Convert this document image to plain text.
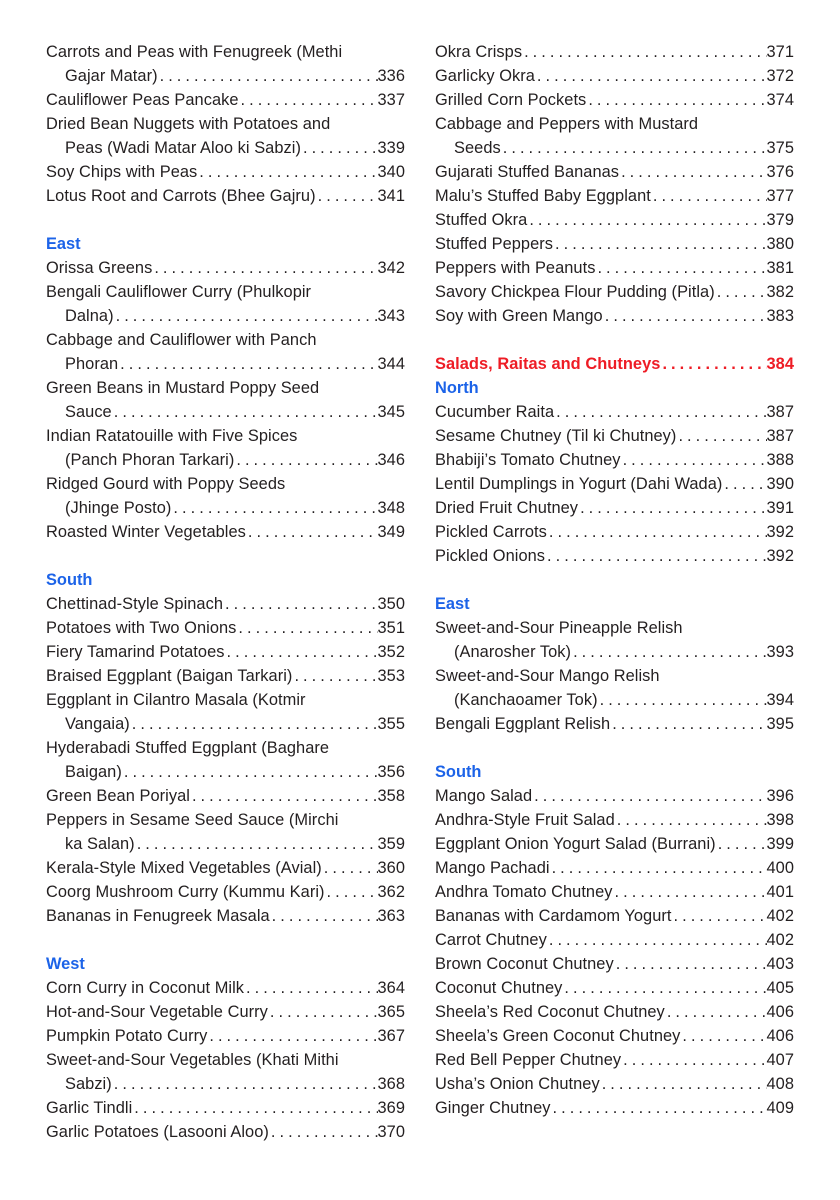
Carrots and Peas with Fenugreek (Methi
Gajar Matar) . . .	336
Cauliflower Peas Pancake . . .	337
Dried Bean Nuggets with Potatoes and
Peas (Wadi Matar Aloo ki Sabzi) . . .	339
Soy Chips with Peas . . .	340
Lotus Root and Carrots (Bhee Gajru) . . .	341
East
Orissa Greens . . .	342
Bengali Cauliflower Curry (Phulkopir
Dalna) . . .	343
Cabbage and Cauliflower with Panch
Phoran . . .	344
Green Beans in Mustard Poppy Seed
Sauce . . .	345
Indian Ratatouille with Five Spices
(Panch Phoran Tarkari) . . .	346
Ridged Gourd with Poppy Seeds
(Jhinge Posto) . . .	348
Roasted Winter Vegetables . . .	349
South
Chettinad-Style Spinach . . .	350
Potatoes with Two Onions . . .	351
Fiery Tamarind Potatoes . . .	352
Braised Eggplant (Baigan Tarkari) . . .	353
Eggplant in Cilantro Masala (Kotmir
Vangaia) . . .	355
Hyderabadi Stuffed Eggplant (Baghare
Baigan) . . .	356
Green Bean Poriyal . . .	358
Peppers in Sesame Seed Sauce (Mirchi
ka Salan) . . .	359
Kerala-Style Mixed Vegetables (Avial) . . .	360
Coorg Mushroom Curry (Kummu Kari) . . .	362
Bananas in Fenugreek Masala . . .	363
West
Corn Curry in Coconut Milk . . .	364
Hot-and-Sour Vegetable Curry . . .	365
Pumpkin Potato Curry . . .	367
Sweet-and-Sour Vegetables (Khati Mithi
Sabzi) . . .	368
Garlic Tindli . . .	369
Garlic Potatoes (Lasooni Aloo) . . .	370
Okra Crisps . . .	371
Garlicky Okra . . .	372
Grilled Corn Pockets . . .	374
Cabbage and Peppers with Mustard
Seeds . . .	375
Gujarati Stuffed Bananas . . .	376
Malu’s Stuffed Baby Eggplant . . .	377
Stuffed Okra . . .	379
Stuffed Peppers . . .	380
Peppers with Peanuts . . .	381
Savory Chickpea Flour Pudding (Pitla) . . .	382
Soy with Green Mango . . .	383
Salads, Raitas and Chutneys . . .	384
North
Cucumber Raita . . .	387
Sesame Chutney (Til ki Chutney) . . .	387
Bhabiji’s Tomato Chutney . . .	388
Lentil Dumplings in Yogurt (Dahi Wada) . . .	390
Dried Fruit Chutney . . .	391
Pickled Carrots . . .	392
Pickled Onions . . .	392
East
Sweet-and-Sour Pineapple Relish
(Anarosher Tok) . . .	393
Sweet-and-Sour Mango Relish
(Kanchaoamer Tok) . . .	394
Bengali Eggplant Relish . . .	395
South
Mango Salad . . .	396
Andhra-Style Fruit Salad . . .	398
Eggplant Onion Yogurt Salad (Burrani) . . .	399
Mango Pachadi . . .	400
Andhra Tomato Chutney . . .	401
Bananas with Cardamom Yogurt . . .	402
Carrot Chutney . . .	402
Brown Coconut Chutney . . .	403
Coconut Chutney . . .	405
Sheela’s Red Coconut Chutney . . .	406
Sheela’s Green Coconut Chutney . . .	406
Red Bell Pepper Chutney . . .	407
Usha’s Onion Chutney . . .	408
Ginger Chutney . . .	409
